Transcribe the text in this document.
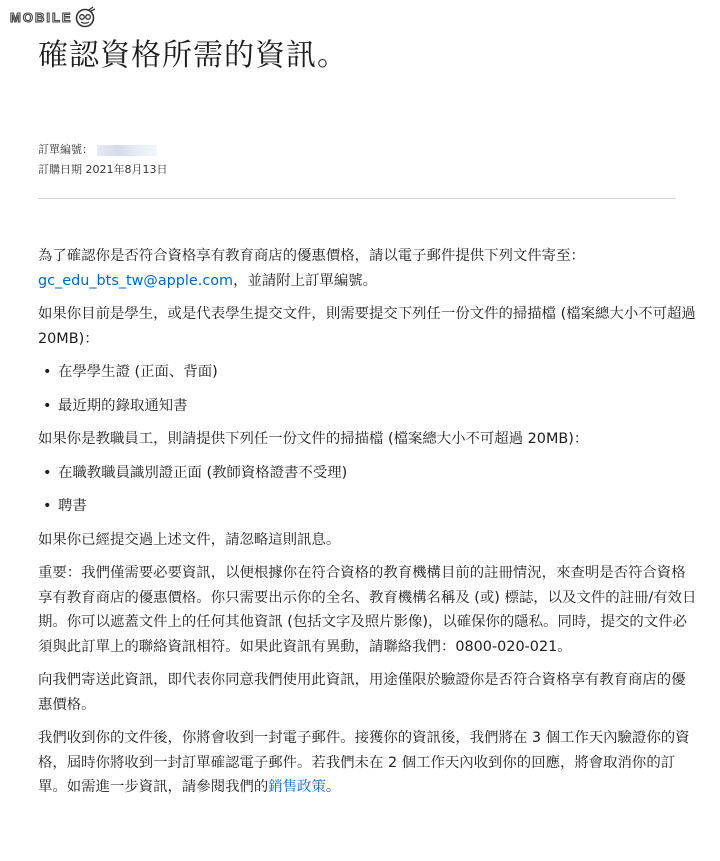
MOBILE
確認資格所需的資訊。
訂單編號：
訂購日期 2021年8月13日

為了確認你是否符合資格享有教育商店的優惠價格，請以電子郵件提供下列文件寄至：
gc_edu_bts_tw@apple.com，並請附上訂單編號。

如果你目前是學生，或是代表學生提交文件，則需要提交下列任一份文件的掃描檔 (檔案總大小不可超過 20MB)：

• 在學學生證 (正面、背面)
• 最近期的錄取通知書

如果你是教職員工，則請提供下列任一份文件的掃描檔 (檔案總大小不可超過 20MB)：

• 在職教職員識別證正面 (教師資格證書不受理)
• 聘書

如果你已經提交過上述文件，請忽略這則訊息。

重要：我們僅需要必要資訊，以便根據你在符合資格的教育機構目前的註冊情況，來查明是否符合資格享有教育商店的優惠價格。你只需要出示你的全名、教育機構名稱及 (或) 標誌，以及文件的註冊/有效日期。你可以遮蓋文件上的任何其他資訊 (包括文字及照片影像)，以確保你的隱私。同時，提交的文件必須與此訂單上的聯絡資訊相符。如果此資訊有異動，請聯絡我們：0800-020-021。

向我們寄送此資訊，即代表你同意我們使用此資訊，用途僅限於驗證你是否符合資格享有教育商店的優惠價格。

我們收到你的文件後，你將會收到一封電子郵件。接獲你的資訊後，我們將在 3 個工作天內驗證你的資格，屆時你將收到一封訂單確認電子郵件。若我們未在 2 個工作天內收到你的回應，將會取消你的訂單。如需進一步資訊，請參閱我們的銷售政策。
